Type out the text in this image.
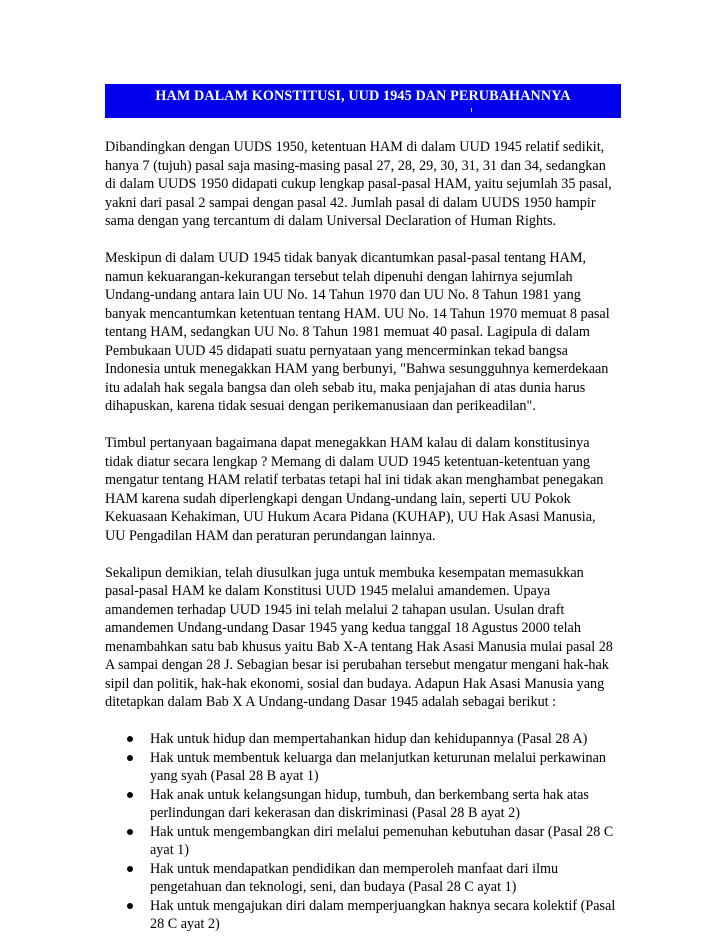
HAM DALAM KONSTITUSI, UUD 1945 DAN PERUBAHANNYA

Dibandingkan dengan UUDS 1950, ketentuan HAM di dalam UUD 1945 relatif sedikit,
hanya 7 (tujuh) pasal saja masing-masing pasal 27, 28, 29, 30, 31, 31 dan 34, sedangkan
di dalam UUDS 1950 didapati cukup lengkap pasal-pasal HAM, yaitu sejumlah 35 pasal,
yakni dari pasal 2 sampai dengan pasal 42. Jumlah pasal di dalam UUDS 1950 hampir
sama dengan yang tercantum di dalam Universal Declaration of Human Rights.

Meskipun di dalam UUD 1945 tidak banyak dicantumkan pasal-pasal tentang HAM,
namun kekuarangan-kekurangan tersebut telah dipenuhi dengan lahirnya sejumlah
Undang-undang antara lain UU No. 14 Tahun 1970 dan UU No. 8 Tahun 1981 yang
banyak mencantumkan ketentuan tentang HAM. UU No. 14 Tahun 1970 memuat 8 pasal
tentang HAM, sedangkan UU No. 8 Tahun 1981 memuat 40 pasal. Lagipula di dalam
Pembukaan UUD 45 didapati suatu pernyataan yang mencerminkan tekad bangsa
Indonesia untuk menegakkan HAM yang berbunyi, "Bahwa sesungguhnya kemerdekaan
itu adalah hak segala bangsa dan oleh sebab itu, maka penjajahan di atas dunia harus
dihapuskan, karena tidak sesuai dengan perikemanusiaan dan perikeadilan".

Timbul pertanyaan bagaimana dapat menegakkan HAM kalau di dalam konstitusinya
tidak diatur secara lengkap ? Memang di dalam UUD 1945 ketentuan-ketentuan yang
mengatur tentang HAM relatif terbatas tetapi hal ini tidak akan menghambat penegakan
HAM karena sudah diperlengkapi dengan Undang-undang lain, seperti UU Pokok
Kekuasaan Kehakiman, UU Hukum Acara Pidana (KUHAP), UU Hak Asasi Manusia,
UU Pengadilan HAM dan peraturan perundangan lainnya.

Sekalipun demikian, telah diusulkan juga untuk membuka kesempatan memasukkan
pasal-pasal HAM ke dalam Konstitusi UUD 1945 melalui amandemen. Upaya
amandemen terhadap UUD 1945 ini telah melalui 2 tahapan usulan. Usulan draft
amandemen Undang-undang Dasar 1945 yang kedua tanggal 18 Agustus 2000 telah
menambahkan satu bab khusus yaitu Bab X-A tentang Hak Asasi Manusia mulai pasal 28
A sampai dengan 28 J. Sebagian besar isi perubahan tersebut mengatur mengani hak-hak
sipil dan politik, hak-hak ekonomi, sosial dan budaya. Adapun Hak Asasi Manusia yang
ditetapkan dalam Bab X A Undang-undang Dasar 1945 adalah sebagai berikut :

Hak untuk hidup dan mempertahankan hidup dan kehidupannya (Pasal 28 A)
Hak untuk membentuk keluarga dan melanjutkan keturunan melalui perkawinan
yang syah (Pasal 28 B ayat 1)
Hak anak untuk kelangsungan hidup, tumbuh, dan berkembang serta hak atas
perlindungan dari kekerasan dan diskriminasi (Pasal 28 B ayat 2)
Hak untuk mengembangkan diri melalui pemenuhan kebutuhan dasar (Pasal 28 C
ayat 1)
Hak untuk mendapatkan pendidikan dan memperoleh manfaat dari ilmu
pengetahuan dan teknologi, seni, dan budaya (Pasal 28 C ayat 1)
Hak untuk mengajukan diri dalam memperjuangkan haknya secara kolektif (Pasal
28 C ayat 2)
